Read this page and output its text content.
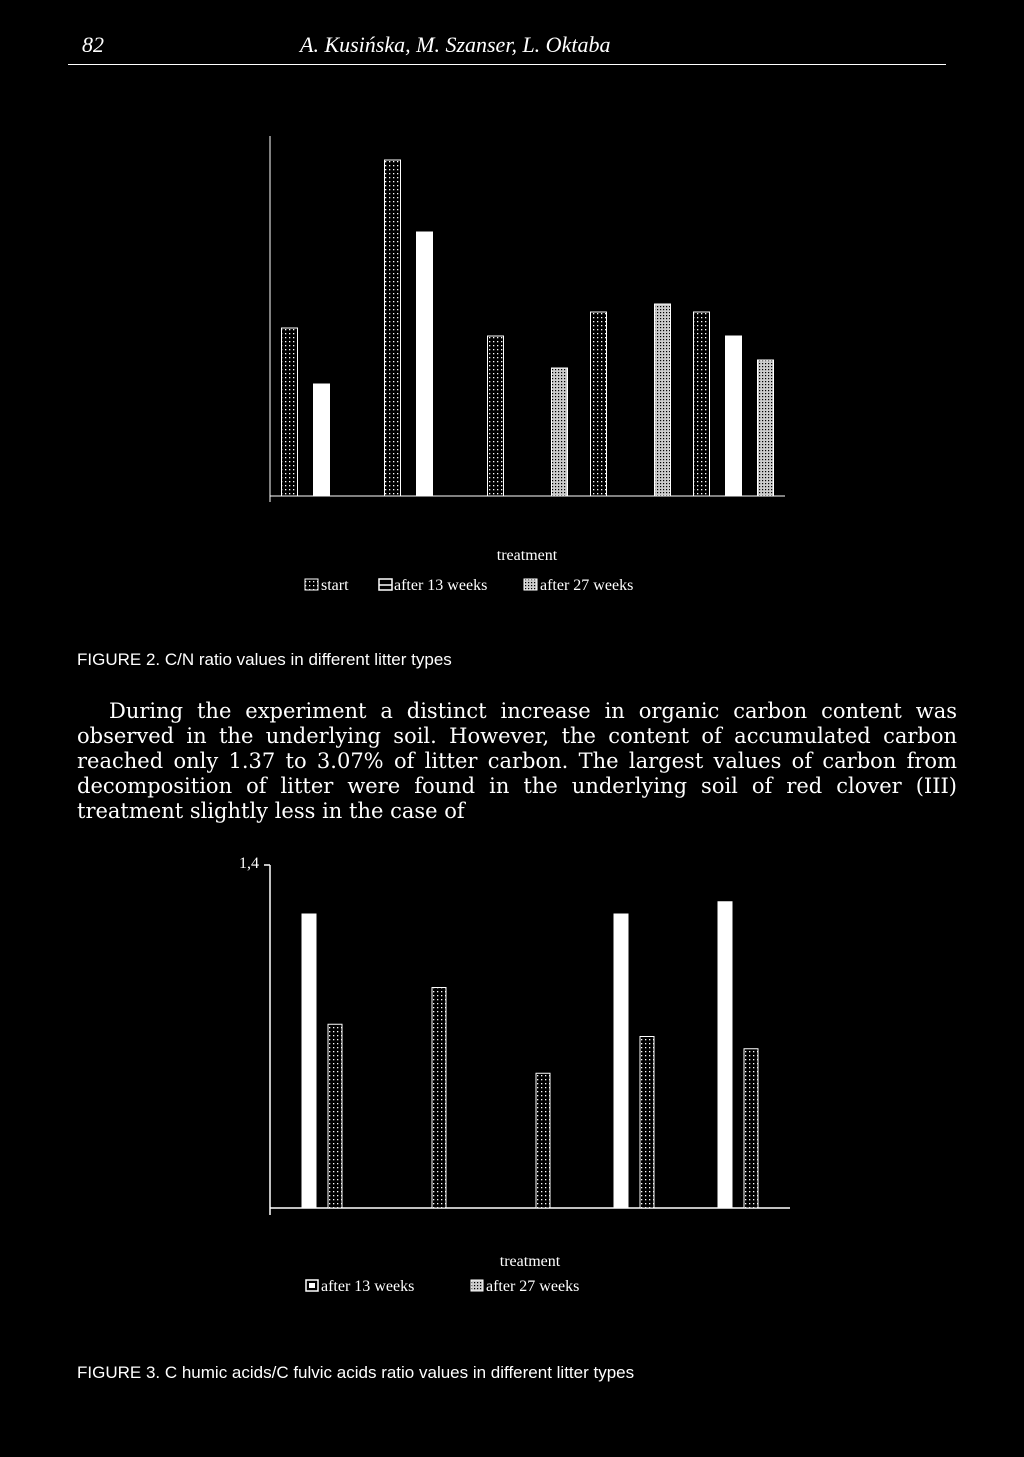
82	A. Kusińska, M. Szanser, L. Oktaba
treatment
start	after 13 weeks	after 27 weeks
FIGURE 2. C/N ratio values in different litter types
During the experiment a distinct increase in organic carbon content was observed in the underlying soil. However, the content of accumulated carbon reached only 1.37 to 3.07% of litter carbon. The largest values of carbon from decomposition of litter were found in the underlying soil of red clover (III) treatment slightly less in the case of
1,4
treatment
after 13 weeks	after 27 weeks
FIGURE 3. C humic acids/C fulvic acids ratio values in different litter types
